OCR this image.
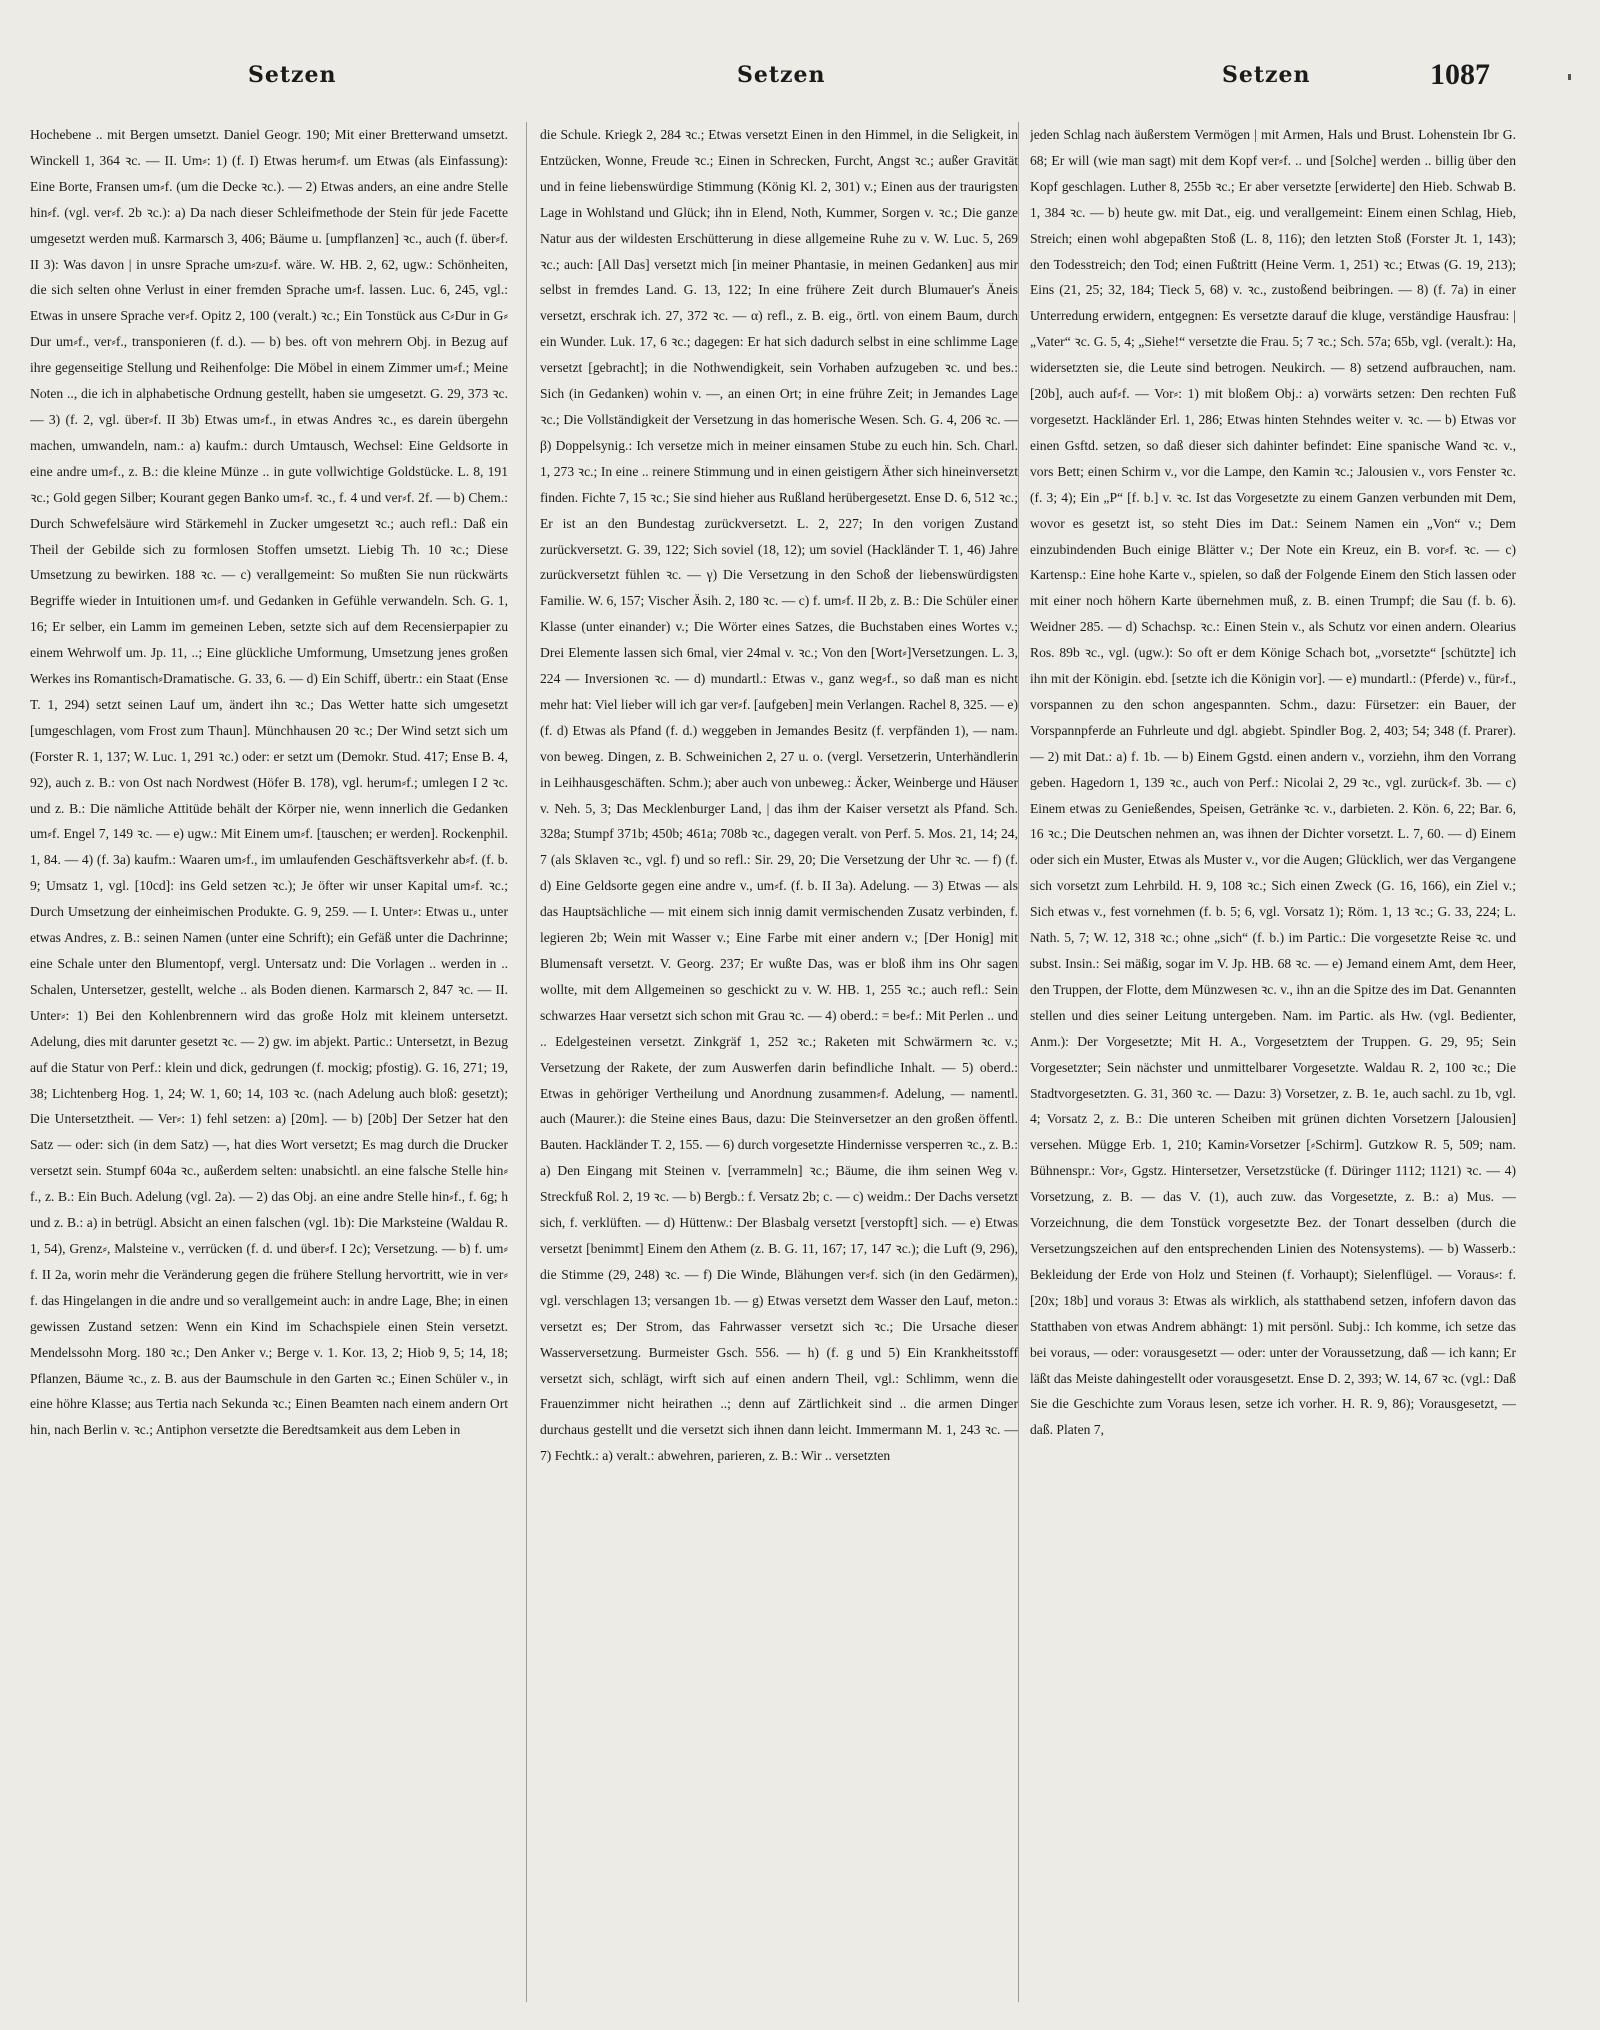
Setzen	Setzen	Setzen	1087

Hochebene .. mit Bergen umsetzt. Daniel Geogr. 190; Mit einer Bretterwand umsetzt. Winckell 1, 364 ꝛc. — II. Um⸗: 1) (f. I) Etwas herum⸗f. um Etwas (als Einfassung): Eine Borte, Fransen um⸗f. (um die Decke ꝛc.). — 2) Etwas anders, an eine andre Stelle hin⸗f. (vgl. ver⸗f. 2b ꝛc.): a) Da nach dieser Schleifmethode der Stein für jede Facette umgesetzt werden muß. Karmarsch 3, 406; Bäume u. [umpflanzen] ꝛc., auch (f. über⸗f. II 3): Was davon | in unsre Sprache um⸗zu⸗f. wäre. W. HB. 2, 62, ugw.: Schönheiten, die sich selten ohne Verlust in einer fremden Sprache um⸗f. lassen. Luc. 6, 245, vgl.: Etwas in unsere Sprache ver⸗f. Opitz 2, 100 (veralt.) ꝛc.; Ein Tonstück aus C⸗Dur in G⸗Dur um⸗f., ver⸗f., transponieren (f. d.). — b) bes. oft von mehrern Obj. in Bezug auf ihre gegenseitige Stellung und Reihenfolge: Die Möbel in einem Zimmer um⸗f.; Meine Noten .., die ich in alphabetische Ordnung gestellt, haben sie umgesetzt. G. 29, 373 ꝛc. — 3) (f. 2, vgl. über⸗f. II 3b) Etwas um⸗f., in etwas Andres ꝛc., es darein übergehn machen, umwandeln, nam.: a) kaufm.: durch Umtausch, Wechsel: Eine Geldsorte in eine andre um⸗f., z. B.: die kleine Münze .. in gute vollwichtige Goldstücke. L. 8, 191 ꝛc.; Gold gegen Silber; Kourant gegen Banko um⸗f. ꝛc., f. 4 und ver⸗f. 2f. — b) Chem.: Durch Schwefelsäure wird Stärkemehl in Zucker umgesetzt ꝛc.; auch refl.: Daß ein Theil der Gebilde sich zu formlosen Stoffen umsetzt. Liebig Th. 10 ꝛc.; Diese Umsetzung zu bewirken. 188 ꝛc. — c) verallgemeint: So mußten Sie nun rückwärts Begriffe wieder in Intuitionen um⸗f. und Gedanken in Gefühle verwandeln. Sch. G. 1, 16; Er selber, ein Lamm im gemeinen Leben, setzte sich auf dem Recensierpapier zu einem Wehrwolf um. Jp. 11, ..; Eine glückliche Umformung, Umsetzung jenes großen Werkes ins Romantisch⸗Dramatische. G. 33, 6. — d) Ein Schiff, übertr.: ein Staat (Ense T. 1, 294) setzt seinen Lauf um, ändert ihn ꝛc.; Das Wetter hatte sich umgesetzt [umgeschlagen, vom Frost zum Thaun]. Münchhausen 20 ꝛc.; Der Wind setzt sich um (Forster R. 1, 137; W. Luc. 1, 291 ꝛc.) oder: er setzt um (Demokr. Stud. 417; Ense B. 4, 92), auch z. B.: von Ost nach Nordwest (Höfer B. 178), vgl. herum⸗f.; umlegen I 2 ꝛc. und z. B.: Die nämliche Attitüde behält der Körper nie, wenn innerlich die Gedanken um⸗f. Engel 7, 149 ꝛc. — e) ugw.: Mit Einem um⸗f. [tauschen; er werden]. Rockenphil. 1, 84. — 4) (f. 3a) kaufm.: Waaren um⸗f., im umlaufenden Geschäftsverkehr ab⸗f. (f. b. 9; Umsatz 1, vgl. [10cd]: ins Geld setzen ꝛc.); Je öfter wir unser Kapital um⸗f. ꝛc.; Durch Umsetzung der einheimischen Produkte. G. 9, 259. — I. Unter⸗: Etwas u., unter etwas Andres, z. B.: seinen Namen (unter eine Schrift); ein Gefäß unter die Dachrinne; eine Schale unter den Blumentopf, vergl. Untersatz und: Die Vorlagen .. werden in .. Schalen, Untersetzer, gestellt, welche .. als Boden dienen. Karmarsch 2, 847 ꝛc. — II. Unter⸗: 1) Bei den Kohlenbrennern wird das große Holz mit kleinem untersetzt. Adelung, dies mit darunter gesetzt ꝛc. — 2) gw. im abjekt. Partic.: Untersetzt, in Bezug auf die Statur von Perf.: klein und dick, gedrungen (f. mockig; pfostig). G. 16, 271; 19, 38; Lichtenberg Hog. 1, 24; W. 1, 60; 14, 103 ꝛc. (nach Adelung auch bloß: gesetzt); Die Untersetztheit. — Ver⸗: 1) fehl setzen: a) [20m]. — b) [20b] Der Setzer hat den Satz — oder: sich (in dem Satz) —, hat dies Wort versetzt; Es mag durch die Drucker versetzt sein. Stumpf 604a ꝛc., außerdem selten: unabsichtl. an eine falsche Stelle hin⸗f., z. B.: Ein Buch. Adelung (vgl. 2a). — 2) das Obj. an eine andre Stelle hin⸗f., f. 6g; h und z. B.: a) in betrügl. Absicht an einen falschen (vgl. 1b): Die Marksteine (Waldau R. 1, 54), Grenz⸗, Malsteine v., verrücken (f. d. und über⸗f. I 2c); Versetzung. — b) f. um⸗f. II 2a, worin mehr die Veränderung gegen die frühere Stellung hervortritt, wie in ver⸗f. das Hingelangen in die andre und so verallgemeint auch: in andre Lage, Bhe; in einen gewissen Zustand setzen: Wenn ein Kind im Schachspiele einen Stein versetzt. Mendelssohn Morg. 180 ꝛc.; Den Anker v.; Berge v. 1. Kor. 13, 2; Hiob 9, 5; 14, 18; Pflanzen, Bäume ꝛc., z. B. aus der Baumschule in den Garten ꝛc.; Einen Schüler v., in eine höhre Klasse; aus Tertia nach Sekunda ꝛc.; Einen Beamten nach einem andern Ort hin, nach Berlin v. ꝛc.; Antiphon versetzte die Beredtsamkeit aus dem Leben in

die Schule. Kriegk 2, 284 ꝛc.; Etwas versetzt Einen in den Himmel, in die Seligkeit, in Entzücken, Wonne, Freude ꝛc.; Einen in Schrecken, Furcht, Angst ꝛc.; außer Gravität und in feine liebenswürdige Stimmung (König Kl. 2, 301) v.; Einen aus der traurigsten Lage in Wohlstand und Glück; ihn in Elend, Noth, Kummer, Sorgen v. ꝛc.; Die ganze Natur aus der wildesten Erschütterung in diese allgemeine Ruhe zu v. W. Luc. 5, 269 ꝛc.; auch: [All Das] versetzt mich [in meiner Phantasie, in meinen Gedanken] aus mir selbst in fremdes Land. G. 13, 122; In eine frühere Zeit durch Blumauer's Äneis versetzt, erschrak ich. 27, 372 ꝛc. — α) refl., z. B. eig., örtl. von einem Baum, durch ein Wunder. Luk. 17, 6 ꝛc.; dagegen: Er hat sich dadurch selbst in eine schlimme Lage versetzt [gebracht]; in die Nothwendigkeit, sein Vorhaben aufzugeben ꝛc. und bes.: Sich (in Gedanken) wohin v. —, an einen Ort; in eine frühre Zeit; in Jemandes Lage ꝛc.; Die Vollständigkeit der Versetzung in das homerische Wesen. Sch. G. 4, 206 ꝛc. — β) Doppelsynig.: Ich versetze mich in meiner einsamen Stube zu euch hin. Sch. Charl. 1, 273 ꝛc.; In eine .. reinere Stimmung und in einen geistigern Äther sich hineinversetzt finden. Fichte 7, 15 ꝛc.; Sie sind hieher aus Rußland herübergesetzt. Ense D. 6, 512 ꝛc.; Er ist an den Bundestag zurückversetzt. L. 2, 227; In den vorigen Zustand zurückversetzt. G. 39, 122; Sich soviel (18, 12); um soviel (Hackländer T. 1, 46) Jahre zurückversetzt fühlen ꝛc. — γ) Die Versetzung in den Schoß der liebenswürdigsten Familie. W. 6, 157; Vischer Äsih. 2, 180 ꝛc. — c) f. um⸗f. II 2b, z. B.: Die Schüler einer Klasse (unter einander) v.; Die Wörter eines Satzes, die Buchstaben eines Wortes v.; Drei Elemente lassen sich 6mal, vier 24mal v. ꝛc.; Von den [Wort⸗]Versetzungen. L. 3, 224 — Inversionen ꝛc. — d) mundartl.: Etwas v., ganz weg⸗f., so daß man es nicht mehr hat: Viel lieber will ich gar ver⸗f. [aufgeben] mein Verlangen. Rachel 8, 325. — e) (f. d) Etwas als Pfand (f. d.) weggeben in Jemandes Besitz (f. verpfänden 1), — nam. von beweg. Dingen, z. B. Schweinichen 2, 27 u. o. (vergl. Versetzerin, Unterhändlerin in Leihhausgeschäften. Schm.); aber auch von unbeweg.: Äcker, Weinberge und Häuser v. Neh. 5, 3; Das Mecklenburger Land, | das ihm der Kaiser versetzt als Pfand. Sch. 328a; Stumpf 371b; 450b; 461a; 708b ꝛc., dagegen veralt. von Perf. 5. Mos. 21, 14; 24, 7 (als Sklaven ꝛc., vgl. f) und so refl.: Sir. 29, 20; Die Versetzung der Uhr ꝛc. — f) (f. d) Eine Geldsorte gegen eine andre v., um⸗f. (f. b. II 3a). Adelung. — 3) Etwas — als das Hauptsächliche — mit einem sich innig damit vermischenden Zusatz verbinden, f. legieren 2b; Wein mit Wasser v.; Eine Farbe mit einer andern v.; [Der Honig] mit Blumensaft versetzt. V. Georg. 237; Er wußte Das, was er bloß ihm ins Ohr sagen wollte, mit dem Allgemeinen so geschickt zu v. W. HB. 1, 255 ꝛc.; auch refl.: Sein schwarzes Haar versetzt sich schon mit Grau ꝛc. — 4) oberd.: = be⸗f.: Mit Perlen .. und .. Edelgesteinen versetzt. Zinkgräf 1, 252 ꝛc.; Raketen mit Schwärmern ꝛc. v.; Versetzung der Rakete, der zum Auswerfen darin befindliche Inhalt. — 5) oberd.: Etwas in gehöriger Vertheilung und Anordnung zusammen⸗f. Adelung, — namentl. auch (Maurer.): die Steine eines Baus, dazu: Die Steinversetzer an den großen öffentl. Bauten. Hackländer T. 2, 155. — 6) durch vorgesetzte Hindernisse versperren ꝛc., z. B.: a) Den Eingang mit Steinen v. [verrammeln] ꝛc.; Bäume, die ihm seinen Weg v. Streckfuß Rol. 2, 19 ꝛc. — b) Bergb.: f. Versatz 2b; c. — c) weidm.: Der Dachs versetzt sich, f. verklüften. — d) Hüttenw.: Der Blasbalg versetzt [verstopft] sich. — e) Etwas versetzt [benimmt] Einem den Athem (z. B. G. 11, 167; 17, 147 ꝛc.); die Luft (9, 296), die Stimme (29, 248) ꝛc. — f) Die Winde, Blähungen ver⸗f. sich (in den Gedärmen), vgl. verschlagen 13; versangen 1b. — g) Etwas versetzt dem Wasser den Lauf, meton.: versetzt es; Der Strom, das Fahrwasser versetzt sich ꝛc.; Die Ursache dieser Wasserversetzung. Burmeister Gsch. 556. — h) (f. g und 5) Ein Krankheitsstoff versetzt sich, schlägt, wirft sich auf einen andern Theil, vgl.: Schlimm, wenn die Frauenzimmer nicht heirathen ..; denn auf Zärtlichkeit sind .. die armen Dinger durchaus gestellt und die versetzt sich ihnen dann leicht. Immermann M. 1, 243 ꝛc. — 7) Fechtk.: a) veralt.: abwehren, parieren, z. B.: Wir .. versetzten

jeden Schlag nach äußerstem Vermögen | mit Armen, Hals und Brust. Lohenstein Ibr G. 68; Er will (wie man sagt) mit dem Kopf ver⸗f. .. und [Solche] werden .. billig über den Kopf geschlagen. Luther 8, 255b ꝛc.; Er aber versetzte [erwiderte] den Hieb. Schwab B. 1, 384 ꝛc. — b) heute gw. mit Dat., eig. und verallgemeint: Einem einen Schlag, Hieb, Streich; einen wohl abgepaßten Stoß (L. 8, 116); den letzten Stoß (Forster Jt. 1, 143); den Todesstreich; den Tod; einen Fußtritt (Heine Verm. 1, 251) ꝛc.; Etwas (G. 19, 213); Eins (21, 25; 32, 184; Tieck 5, 68) v. ꝛc., zustoßend beibringen. — 8) (f. 7a) in einer Unterredung erwidern, entgegnen: Es versetzte darauf die kluge, verständige Hausfrau: | „Vater“ ꝛc. G. 5, 4; „Siehe!“ versetzte die Frau. 5; 7 ꝛc.; Sch. 57a; 65b, vgl. (veralt.): Ha, widersetzten sie, die Leute sind betrogen. Neukirch. — 8) setzend aufbrauchen, nam. [20b], auch auf⸗f. — Vor⸗: 1) mit bloßem Obj.: a) vorwärts setzen: Den rechten Fuß vorgesetzt. Hackländer Erl. 1, 286; Etwas hinten Stehndes weiter v. ꝛc. — b) Etwas vor einen Gsftd. setzen, so daß dieser sich dahinter befindet: Eine spanische Wand ꝛc. v., vors Bett; einen Schirm v., vor die Lampe, den Kamin ꝛc.; Jalousien v., vors Fenster ꝛc. (f. 3; 4); Ein „P“ [f. b.] v. ꝛc. Ist das Vorgesetzte zu einem Ganzen verbunden mit Dem, wovor es gesetzt ist, so steht Dies im Dat.: Seinem Namen ein „Von“ v.; Dem einzubindenden Buch einige Blätter v.; Der Note ein Kreuz, ein B. vor⸗f. ꝛc. — c) Kartensp.: Eine hohe Karte v., spielen, so daß der Folgende Einem den Stich lassen oder mit einer noch höhern Karte übernehmen muß, z. B. einen Trumpf; die Sau (f. b. 6). Weidner 285. — d) Schachsp. ꝛc.: Einen Stein v., als Schutz vor einen andern. Olearius Ros. 89b ꝛc., vgl. (ugw.): So oft er dem Könige Schach bot, „vorsetzte“ [schützte] ich ihn mit der Königin. ebd. [setzte ich die Königin vor]. — e) mundartl.: (Pferde) v., für⸗f., vorspannen zu den schon angespannten. Schm., dazu: Fürsetzer: ein Bauer, der Vorspannpferde an Fuhrleute und dgl. abgiebt. Spindler Bog. 2, 403; 54; 348 (f. Prarer). — 2) mit Dat.: a) f. 1b. — b) Einem Ggstd. einen andern v., vorziehn, ihm den Vorrang geben. Hagedorn 1, 139 ꝛc., auch von Perf.: Nicolai 2, 29 ꝛc., vgl. zurück⸗f. 3b. — c) Einem etwas zu Genießendes, Speisen, Getränke ꝛc. v., darbieten. 2. Kön. 6, 22; Bar. 6, 16 ꝛc.; Die Deutschen nehmen an, was ihnen der Dichter vorsetzt. L. 7, 60. — d) Einem oder sich ein Muster, Etwas als Muster v., vor die Augen; Glücklich, wer das Vergangene sich vorsetzt zum Lehrbild. H. 9, 108 ꝛc.; Sich einen Zweck (G. 16, 166), ein Ziel v.; Sich etwas v., fest vornehmen (f. b. 5; 6, vgl. Vorsatz 1); Röm. 1, 13 ꝛc.; G. 33, 224; L. Nath. 5, 7; W. 12, 318 ꝛc.; ohne „sich“ (f. b.) im Partic.: Die vorgesetzte Reise ꝛc. und subst. Insin.: Sei mäßig, sogar im V. Jp. HB. 68 ꝛc. — e) Jemand einem Amt, dem Heer, den Truppen, der Flotte, dem Münzwesen ꝛc. v., ihn an die Spitze des im Dat. Genannten stellen und dies seiner Leitung untergeben. Nam. im Partic. als Hw. (vgl. Bedienter, Anm.): Der Vorgesetzte; Mit H. A., Vorgesetztem der Truppen. G. 29, 95; Sein Vorgesetzter; Sein nächster und unmittelbarer Vorgesetzte. Waldau R. 2, 100 ꝛc.; Die Stadtvorgesetzten. G. 31, 360 ꝛc. — Dazu: 3) Vorsetzer, z. B. 1e, auch sachl. zu 1b, vgl. 4; Vorsatz 2, z. B.: Die unteren Scheiben mit grünen dichten Vorsetzern [Jalousien] versehen. Mügge Erb. 1, 210; Kamin⸗Vorsetzer [⸗Schirm]. Gutzkow R. 5, 509; nam. Bühnenspr.: Vor⸗, Ggstz. Hintersetzer, Versetzstücke (f. Düringer 1112; 1121) ꝛc. — 4) Vorsetzung, z. B. — das V. (1), auch zuw. das Vorgesetzte, z. B.: a) Mus. — Vorzeichnung, die dem Tonstück vorgesetzte Bez. der Tonart desselben (durch die Versetzungszeichen auf den entsprechenden Linien des Notensystems). — b) Wasserb.: Bekleidung der Erde von Holz und Steinen (f. Vorhaupt); Sielenflügel. — Voraus⸗: f. [20x; 18b] und voraus 3: Etwas als wirklich, als statthabend setzen, infofern davon das Statthaben von etwas Andrem abhängt: 1) mit persönl. Subj.: Ich komme, ich setze das bei voraus, — oder: vorausgesetzt — oder: unter der Voraussetzung, daß — ich kann; Er läßt das Meiste dahingestellt oder vorausgesetzt. Ense D. 2, 393; W. 14, 67 ꝛc. (vgl.: Daß Sie die Geschichte zum Voraus lesen, setze ich vorher. H. R. 9, 86); Vorausgesetzt, — daß. Platen 7,
